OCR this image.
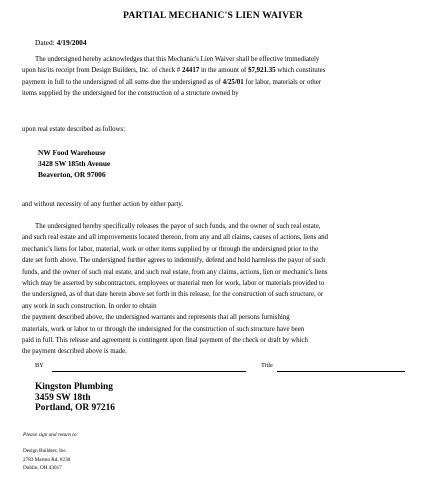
PARTIAL MECHANIC'S LIEN WAIVER
Dated: 4/19/2004
The undersigned hereby acknowledges that this Mechanic's Lien Waiver shall be effective immediately
upon his/its receipt from Design Builders, Inc. of check # 24417 in the amount of $7,921.35 which constitutes
payment in full to the undersigned of all sums due the undersigned as of 4/25/01 for labor, materials or other
items supplied by the undersigned for the construction of a structure owned by
upon real estate described as follows:
NW Food Warehouse
3428 SW 185th Avenue
Beaverton, OR 97006
and without necessity of any further action by either party.
The undersigned hereby specifically releases the payor of such funds, and the owner of such real estate,
and such real estate and all improvements located thereon, from any and all claims, causes of actions, liens and
mechanic's liens for labor, material, work or other items supplied by or through the undersigned prior to the
date set forth above. The undersigned further agrees to indemnify, defend and hold harmless the payor of such
funds, and the owner of such real estate, and such real estate, from any claims, actions, lien or mechanic's liens
which may be asserted by subcontractors, employees or material men for work, labor or materials provided to
the undersigned, as of that date herein above set forth in this release, for the construction of such structure, or
any work in such construction. In order to obtain
the payment described above, the undersigned warrants and represents that all persons furnishing
materials, work or labor to or through the undersigned for the construction of such structure have been
paid in full. This release and agreement is contingent upon final payment of the check or draft by which
the payment described above is made.
BY	Title
Kingston Plumbing
3459 SW 18th
Portland, OR 97216
Please sign and return to:
Design Builders, Inc.
2783 Marton Rd. #230
Dublin, OH 43017
